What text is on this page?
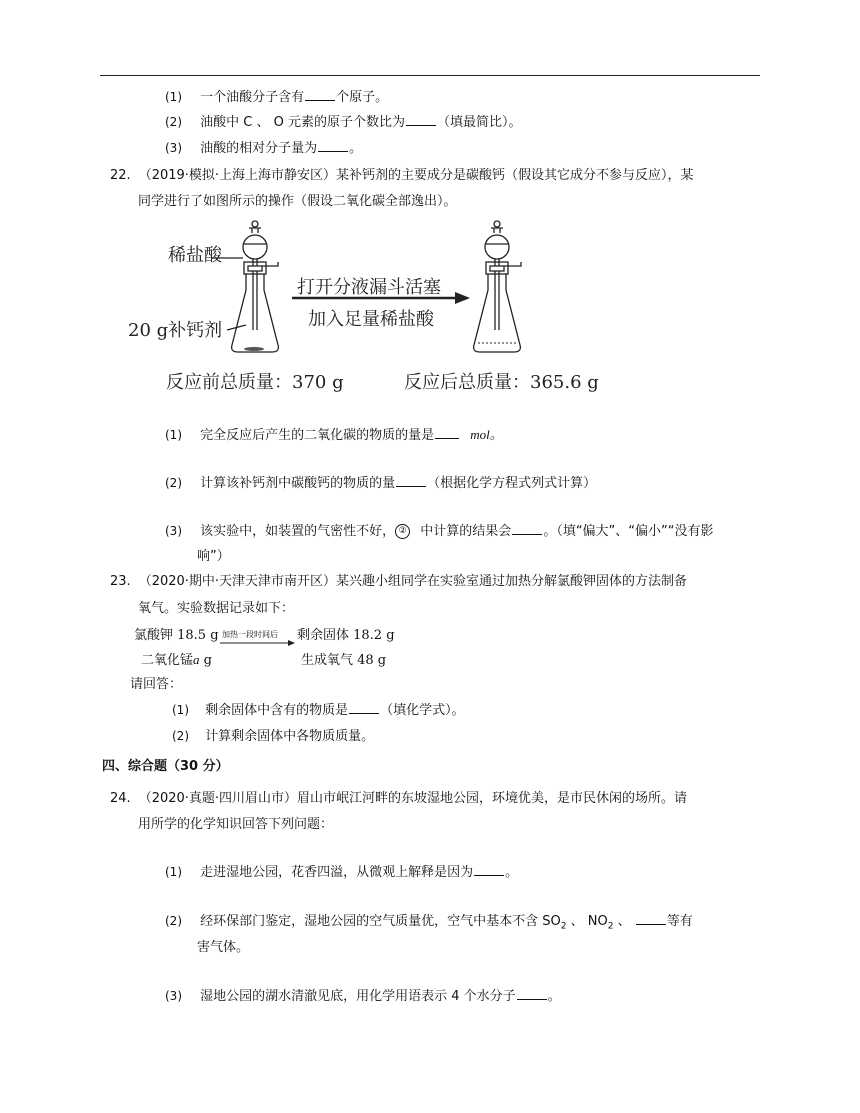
(1) 一个油酸分子含有 个原子。
(2) 油酸中 C 、 O 元素的原子个数比为 （填最简比）。
(3) 油酸的相对分子量为 。
22. （2019·模拟·上海上海市静安区）某补钙剂的主要成分是碳酸钙（假设其它成分不参与反应），某
同学进行了如图所示的操作（假设二氧化碳全部逸出）。
稀盐酸
20 g补钙剂
打开分液漏斗活塞
加入足量稀盐酸
反应前总质量：370 g	反应后总质量：365.6 g
(1) 完全反应后产生的二氧化碳的物质的量是	mol。
(2) 计算该补钙剂中碳酸钙的物质的量 （根据化学方程式列式计算）
(3) 该实验中，如装置的气密性不好， ② 中计算的结果会 。（填“偏大”、“偏小”“没有影
响”）
23. （2020·期中·天津天津市南开区）某兴趣小组同学在实验室通过加热分解氯酸钾固体的方法制备
氧气。实验数据记录如下：
氯酸钾 18.5 g
二氧化锰a g
加热一段时间后 剩余固体 18.2 g
生成氧气 48 g
请回答：
(1) 剩余固体中含有的物质是 （填化学式）。
(2) 计算剩余固体中各物质质量。
四、综合题（30 分）
24. （2020·真题·四川眉山市）眉山市岷江河畔的东坡湿地公园，环境优美，是市民休闲的场所。请
用所学的化学知识回答下列问题：
(1) 走进湿地公园，花香四溢，从微观上解释是因为 。
(2) 经环保部门鉴定，湿地公园的空气质量优，空气中基本不含 $SO_2$ 、 $NO_2$ 、	等有
害气体。
(3) 湿地公园的湖水清澈见底，用化学用语表示 4 个水分子 。
